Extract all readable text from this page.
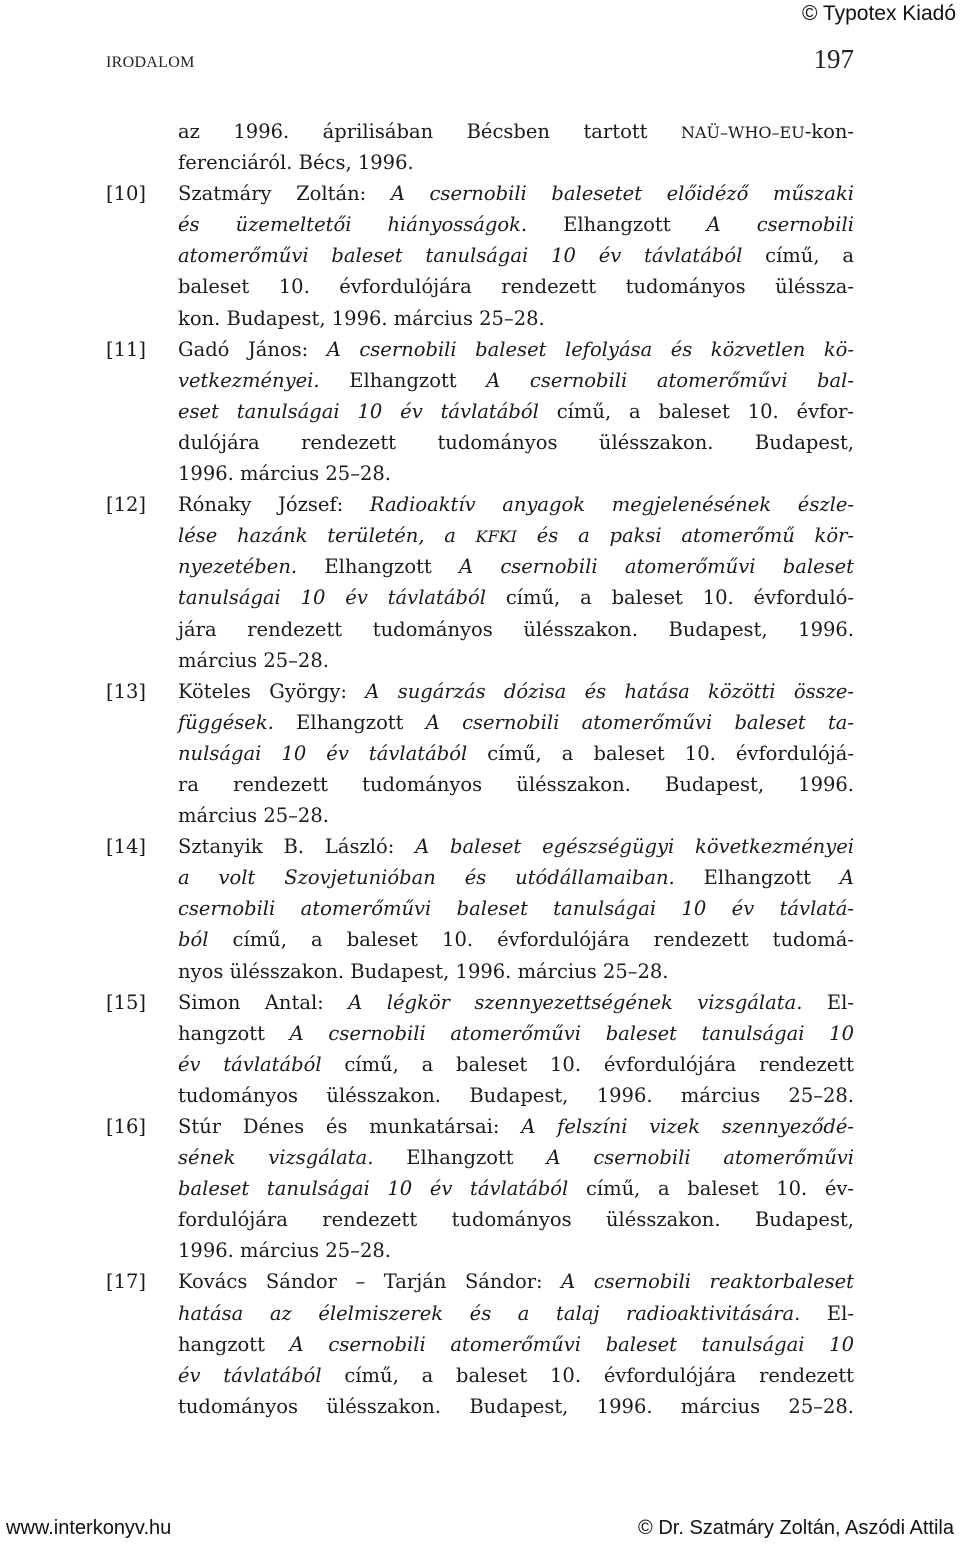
© Typotex Kiadó
IRODALOM	197
az 1996. áprilisában Bécsben tartott NAÜ–WHO–EU-kon-
ferenciáról. Bécs, 1996.
[10] Szatmáry Zoltán: A csernobili balesetet előidéző műszaki
és üzemeltetői hiányosságok. Elhangzott A csernobili
atomerőművi baleset tanulságai 10 év távlatából című, a
baleset 10. évfordulójára rendezett tudományos üléssza-
kon. Budapest, 1996. március 25–28.
[11] Gadó János: A csernobili baleset lefolyása és közvetlen kö-
vetkezményei. Elhangzott A csernobili atomerőművi bal-
eset tanulságai 10 év távlatából című, a baleset 10. évfor-
dulójára rendezett tudományos ülésszakon. Budapest,
1996. március 25–28.
[12] Rónaky József: Radioaktív anyagok megjelenésének észle-
lése hazánk területén, a KFKI és a paksi atomerőmű kör-
nyezetében. Elhangzott A csernobili atomerőművi baleset
tanulságai 10 év távlatából című, a baleset 10. évforduló-
jára rendezett tudományos ülésszakon. Budapest, 1996.
március 25–28.
[13] Köteles György: A sugárzás dózisa és hatása közötti össze-
függések. Elhangzott A csernobili atomerőművi baleset ta-
nulságai 10 év távlatából című, a baleset 10. évfordulójá-
ra rendezett tudományos ülésszakon. Budapest, 1996.
március 25–28.
[14] Sztanyik B. László: A baleset egészségügyi következményei
a volt Szovjetunióban és utódállamaiban. Elhangzott A
csernobili atomerőművi baleset tanulságai 10 év távlatá-
ból című, a baleset 10. évfordulójára rendezett tudomá-
nyos ülésszakon. Budapest, 1996. március 25–28.
[15] Simon Antal: A légkör szennyezettségének vizsgálata. El-
hangzott A csernobili atomerőművi baleset tanulságai 10
év távlatából című, a baleset 10. évfordulójára rendezett
tudományos ülésszakon. Budapest, 1996. március 25–28.
[16] Stúr Dénes és munkatársai: A felszíni vizek szennyeződé-
sének vizsgálata. Elhangzott A csernobili atomerőművi
baleset tanulságai 10 év távlatából című, a baleset 10. év-
fordulójára rendezett tudományos ülésszakon. Budapest,
1996. március 25–28.
[17] Kovács Sándor – Tarján Sándor: A csernobili reaktorbaleset
hatása az élelmiszerek és a talaj radioaktivitására. El-
hangzott A csernobili atomerőművi baleset tanulságai 10
év távlatából című, a baleset 10. évfordulójára rendezett
tudományos ülésszakon. Budapest, 1996. március 25–28.
www.interkonyv.hu	© Dr. Szatmáry Zoltán, Aszódi Attila
